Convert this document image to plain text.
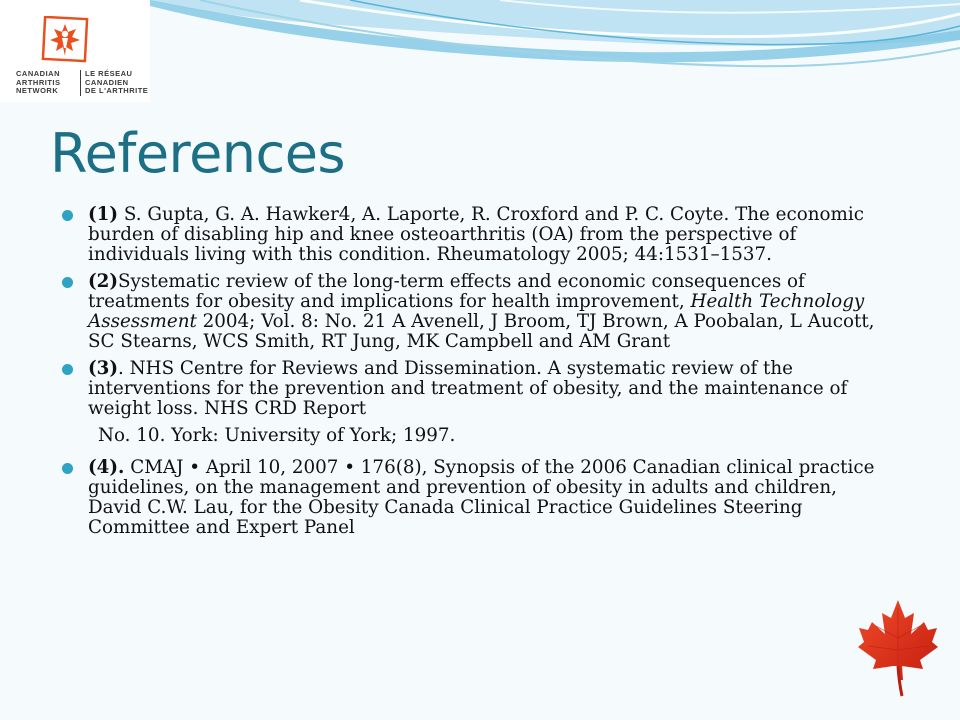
CANADIAN
ARTHRITIS
NETWORK
LE RÉSEAU
CANADIEN
DE L'ARTHRITE
References
(1) S. Gupta, G. A. Hawker4, A. Laporte, R. Croxford and P. C. Coyte. The economic burden of disabling hip and knee osteoarthritis (OA) from the perspective of individuals living with this condition. Rheumatology 2005; 44:1531–1537.
(2)Systematic review of the long-term effects and economic consequences of treatments for obesity and implications for health improvement, Health Technology Assessment 2004; Vol. 8: No. 21 A Avenell, J Broom, TJ Brown, A Poobalan, L Aucott, SC Stearns, WCS Smith, RT Jung, MK Campbell and AM Grant
(3). NHS Centre for Reviews and Dissemination. A systematic review of the interventions for the prevention and treatment of obesity, and the maintenance of weight loss. NHS CRD Report
No. 10. York: University of York; 1997.
(4). CMAJ • April 10, 2007 • 176(8), Synopsis of the 2006 Canadian clinical practice guidelines, on the management and prevention of obesity in adults and children, David C.W. Lau, for the Obesity Canada Clinical Practice Guidelines Steering Committee and Expert Panel
